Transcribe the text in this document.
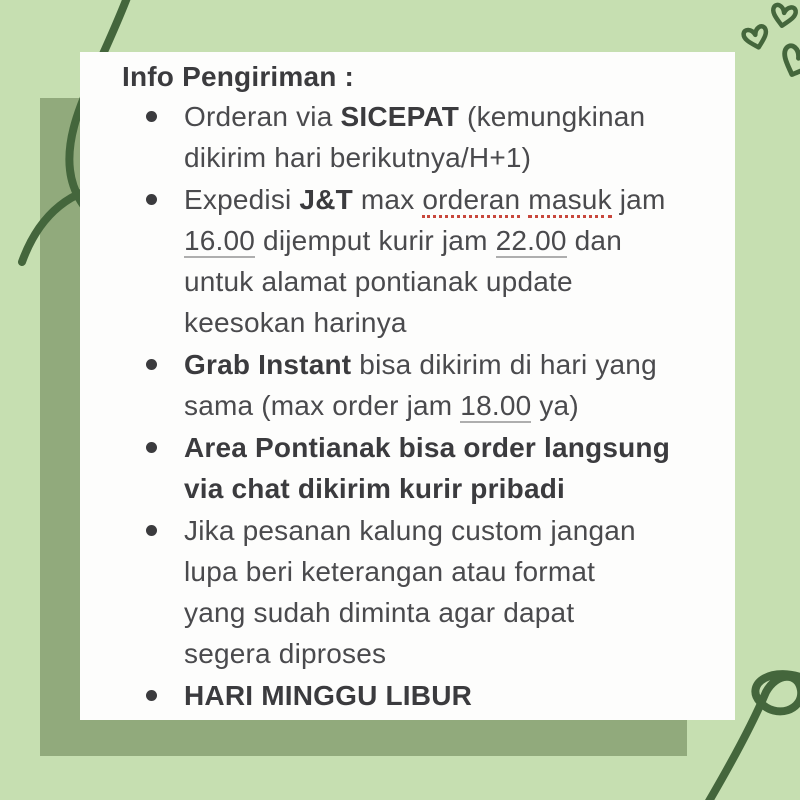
Info Pengiriman :
Orderan via SICEPAT (kemungkinan
dikirim hari berikutnya/H+1)
Expedisi J&T max orderan masuk jam
16.00 dijemput kurir jam 22.00 dan
untuk alamat pontianak update
keesokan harinya
Grab Instant bisa dikirim di hari yang
sama (max order jam 18.00 ya)
Area Pontianak bisa order langsung
via chat dikirim kurir pribadi
Jika pesanan kalung custom jangan
lupa beri keterangan atau format
yang sudah diminta agar dapat
segera diproses
HARI MINGGU LIBUR
